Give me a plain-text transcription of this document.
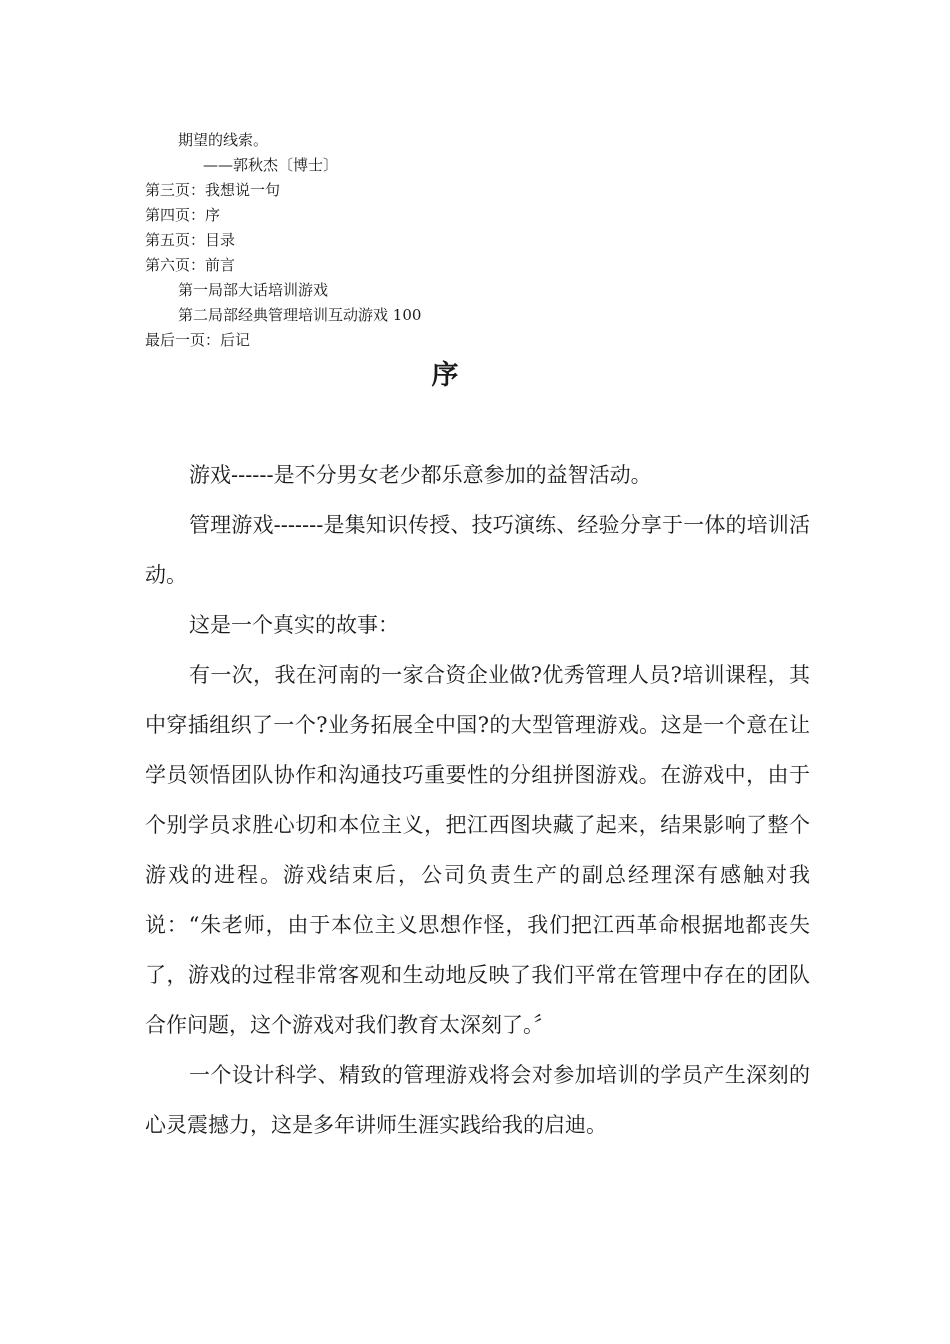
期望的线索。
——郭秋杰〔博士〕
第三页：我想说一句
第四页：序
第五页：目录
第六页：前言
第一局部大话培训游戏
第二局部经典管理培训互动游戏 100
最后一页：后记
序

游戏------是不分男女老少都乐意参加的益智活动。

管理游戏-------是集知识传授、技巧演练、经验分享于一体的培训活动。

这是一个真实的故事：

有一次，我在河南的一家合资企业做?优秀管理人员?培训课程，其中穿插组织了一个?业务拓展全中国?的大型管理游戏。这是一个意在让学员领悟团队协作和沟通技巧重要性的分组拼图游戏。在游戏中，由于个别学员求胜心切和本位主义，把江西图块藏了起来，结果影响了整个游戏的进程。游戏结束后，公司负责生产的副总经理深有感触对我说：“朱老师，由于本位主义思想作怪，我们把江西革命根据地都丧失了，游戏的过程非常客观和生动地反映了我们平常在管理中存在的团队合作问题，这个游戏对我们教育太深刻了。〞

一个设计科学、精致的管理游戏将会对参加培训的学员产生深刻的心灵震撼力，这是多年讲师生涯实践给我的启迪。
